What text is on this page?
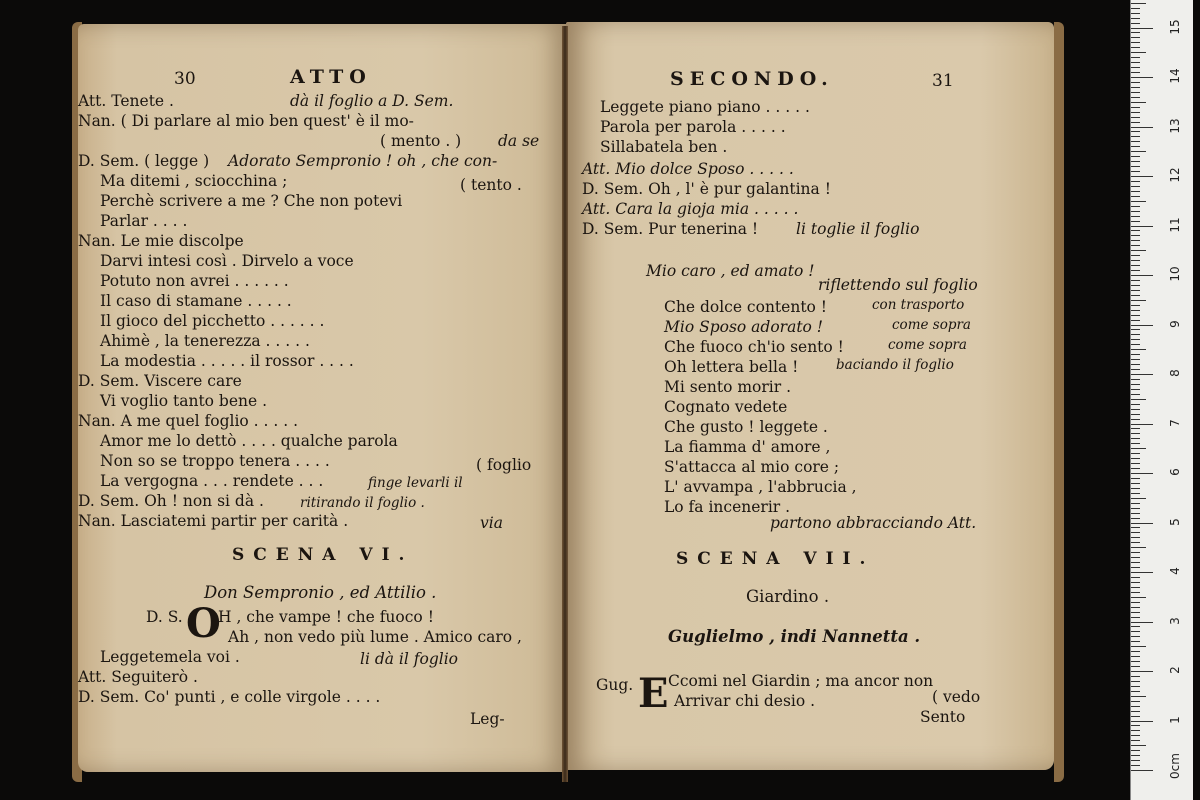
30	ATTO
SCENA VI.
Don Sempronio , ed Attilio .
D. S. O
SECONDO.	31
SCENA VII.
Giardino .
Guglielmo , indi Nannetta .
Gug. E
Att. Tenete .	dà il foglio a D. Sem.
Nan. ( Di parlare al mio ben quest' è il mo-
( mento . ) da se
D. Sem. ( legge ) Adorato Sempronio ! oh , che con-
Ma ditemi , sciocchina ;	( tento .
Perchè scrivere a me ? Che non potevi
Parlar . . . .
Nan. Le mie discolpe
Darvi intesi così . Dirvelo a voce
Potuto non avrei . . . . . .
Il caso di stamane . . . . .
Il gioco del picchetto . . . . . .
Ahimè , la tenerezza . . . . .
La modestia . . . . . il rossor . . . .
D. Sem. Viscere care
Vi voglio tanto bene .
Nan. A me quel foglio . . . . .
Amor me lo dettò . . . . qualche parola
Non so se troppo tenera . . . .	( foglio
La vergogna . . . rendete . . .	finge levarli il
D. Sem. Oh ! non si dà .	ritirando il foglio .
Nan. Lasciatemi partir per carità .	via
H , che vampe ! che fuoco !
Ah , non vedo più lume . Amico caro ,
Leggetemela voi .	li dà il foglio
Att. Seguiterò .
D. Sem. Co' punti , e colle virgole . . . .
Leg-
Leggete piano piano . . . . .
Parola per parola . . . . .
Sillabatela ben .
Att. Mio dolce Sposo . . . . .
D. Sem. Oh , l' è pur galantina !
Att. Cara la gioja mia . . . . .
D. Sem. Pur tenerina ! li toglie il foglio
Mio caro , ed amato !
riflettendo sul foglio
Che dolce contento !	con trasporto
Mio Sposo adorato !	come sopra
Che fuoco ch'io sento !	come sopra
Oh lettera bella !	baciando il foglio
Mi sento morir .
Cognato vedete
Che gusto ! leggete .
La fiamma d' amore ,
S'attacca al mio core ;
L' avvampa , l'abbrucia ,
Lo fa incenerir .
partono abbracciando Att.
Ccomi nel Giardin ; ma ancor non
Arrivar chi desio .	( vedo
Sento
0cm
1
2
3
4
5
6
7
8
9
10
11
12
13
14
15
